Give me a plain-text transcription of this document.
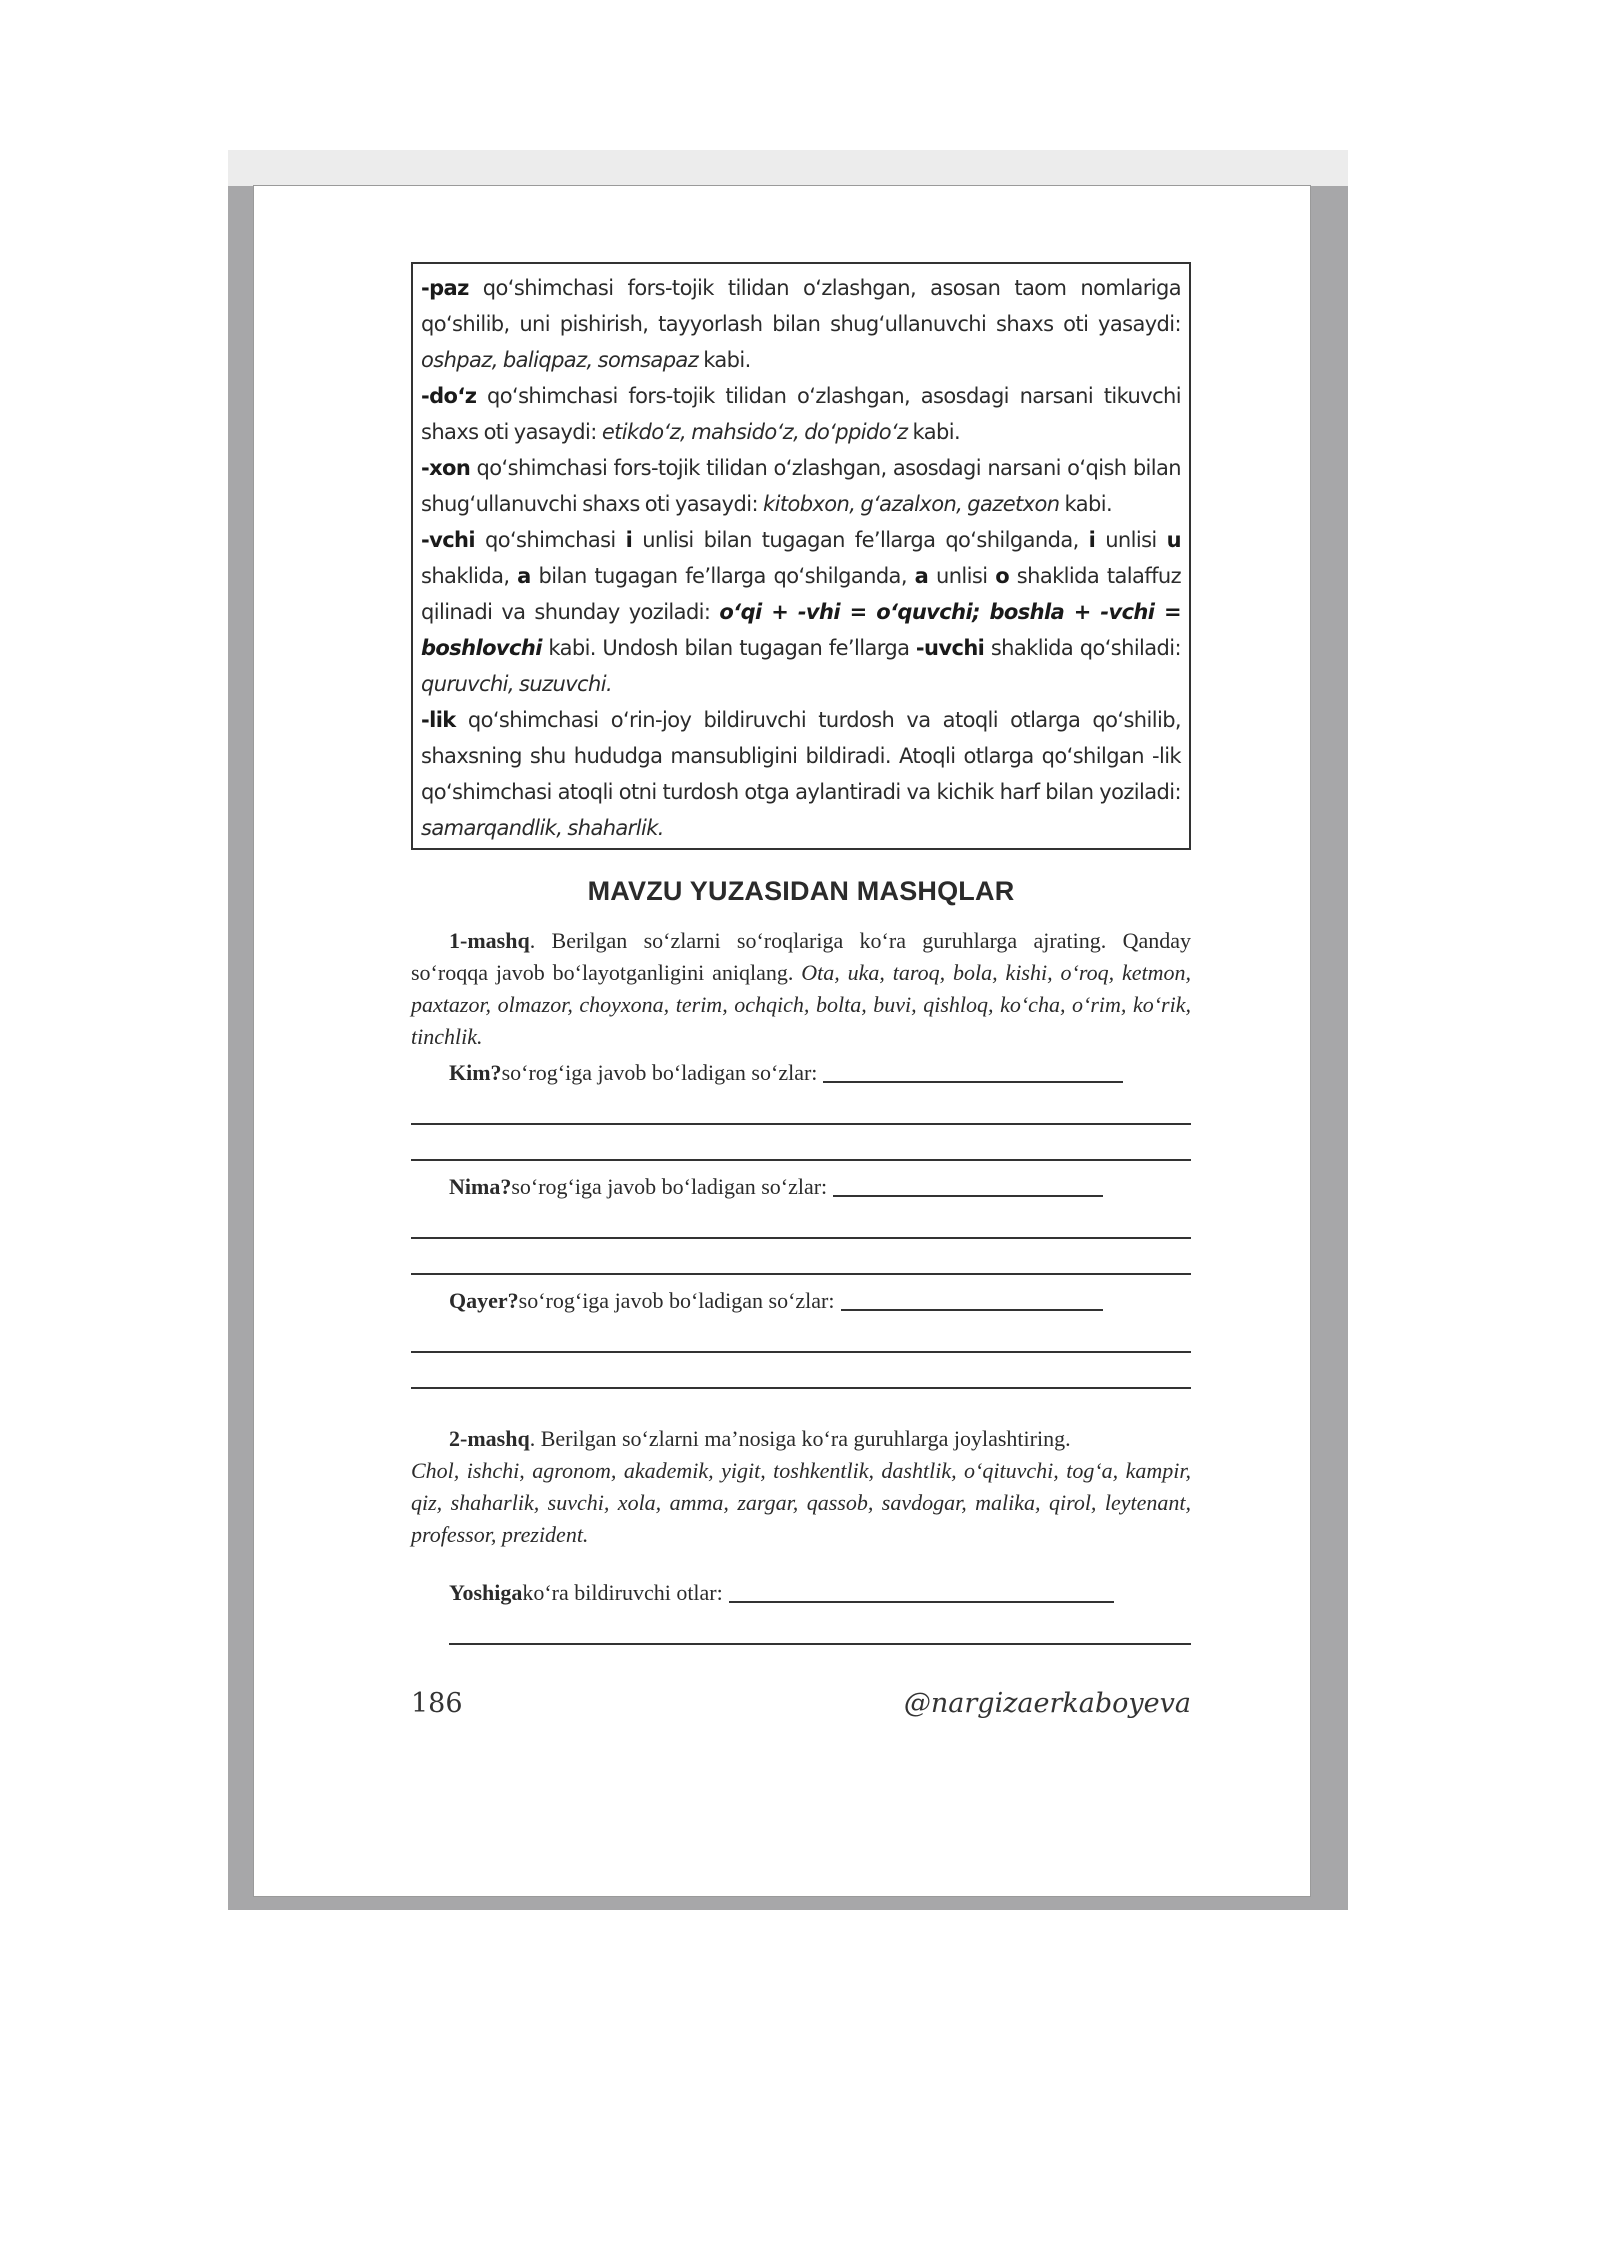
-paz qo‘shimchasi fors-tojik tilidan o‘zlashgan, asosan taom nomlariga qo‘shilib, uni pishirish, tayyorlash bilan shug‘ullanuvchi shaxs oti yasaydi: oshpaz, baliqpaz, somsapaz kabi.

-do‘z qo‘shimchasi fors-tojik tilidan o‘zlashgan, asosdagi narsani tikuvchi shaxs oti yasaydi: etikdo‘z, mahsido‘z, do‘ppido‘z kabi.

-xon qo‘shimchasi fors-tojik tilidan o‘zlashgan, asosdagi narsani o‘qish bilan shug‘ullanuvchi shaxs oti yasaydi: kitobxon, g‘azalxon, gazetxon kabi.

-vchi qo‘shimchasi i unlisi bilan tugagan fe’llarga qo‘shilganda, i unlisi u shaklida, a bilan tugagan fe’llarga qo‘shilganda, a unlisi o shaklida talaffuz qilinadi va shunday yoziladi: o‘qi + -vhi = o‘quvchi; boshla + -vchi = boshlovchi kabi. Undosh bilan tugagan fe’llarga -uvchi shaklida qo‘shiladi: quruvchi, suzuvchi.

-lik qo‘shimchasi o‘rin-joy bildiruvchi turdosh va atoqli otlarga qo‘shilib, shaxsning shu hududga mansubligini bildiradi. Atoqli otlarga qo‘shilgan -lik qo‘shimchasi atoqli otni turdosh otga aylantiradi va kichik harf bilan yoziladi: samarqandlik, shaharlik.

MAVZU YUZASIDAN MASHQLAR

1-mashq. Berilgan so‘zlarni so‘roqlariga ko‘ra guruhlarga ajrating. Qanday so‘roqqa javob bo‘layotganligini aniqlang. Ota, uka, taroq, bola, kishi, o‘roq, ketmon, paxtazor, olmazor, choyxona, terim, ochqich, bolta, buvi, qishloq, ko‘cha, o‘rim, ko‘rik, tinchlik.

Kim? so‘rog‘iga javob bo‘ladigan so‘zlar:
Nima? so‘rog‘iga javob bo‘ladigan so‘zlar:
Qayer? so‘rog‘iga javob bo‘ladigan so‘zlar:

2-mashq. Berilgan so‘zlarni ma’nosiga ko‘ra guruhlarga joylashtiring.

Chol, ishchi, agronom, akademik, yigit, toshkentlik, dashtlik, o‘qituvchi, tog‘a, kampir, qiz, shaharlik, suvchi, xola, amma, zargar, qassob, savdogar, malika, qirol, leytenant, professor, prezident.

Yoshiga ko‘ra bildiruvchi otlar:
186	@nargizaerkaboyeva
